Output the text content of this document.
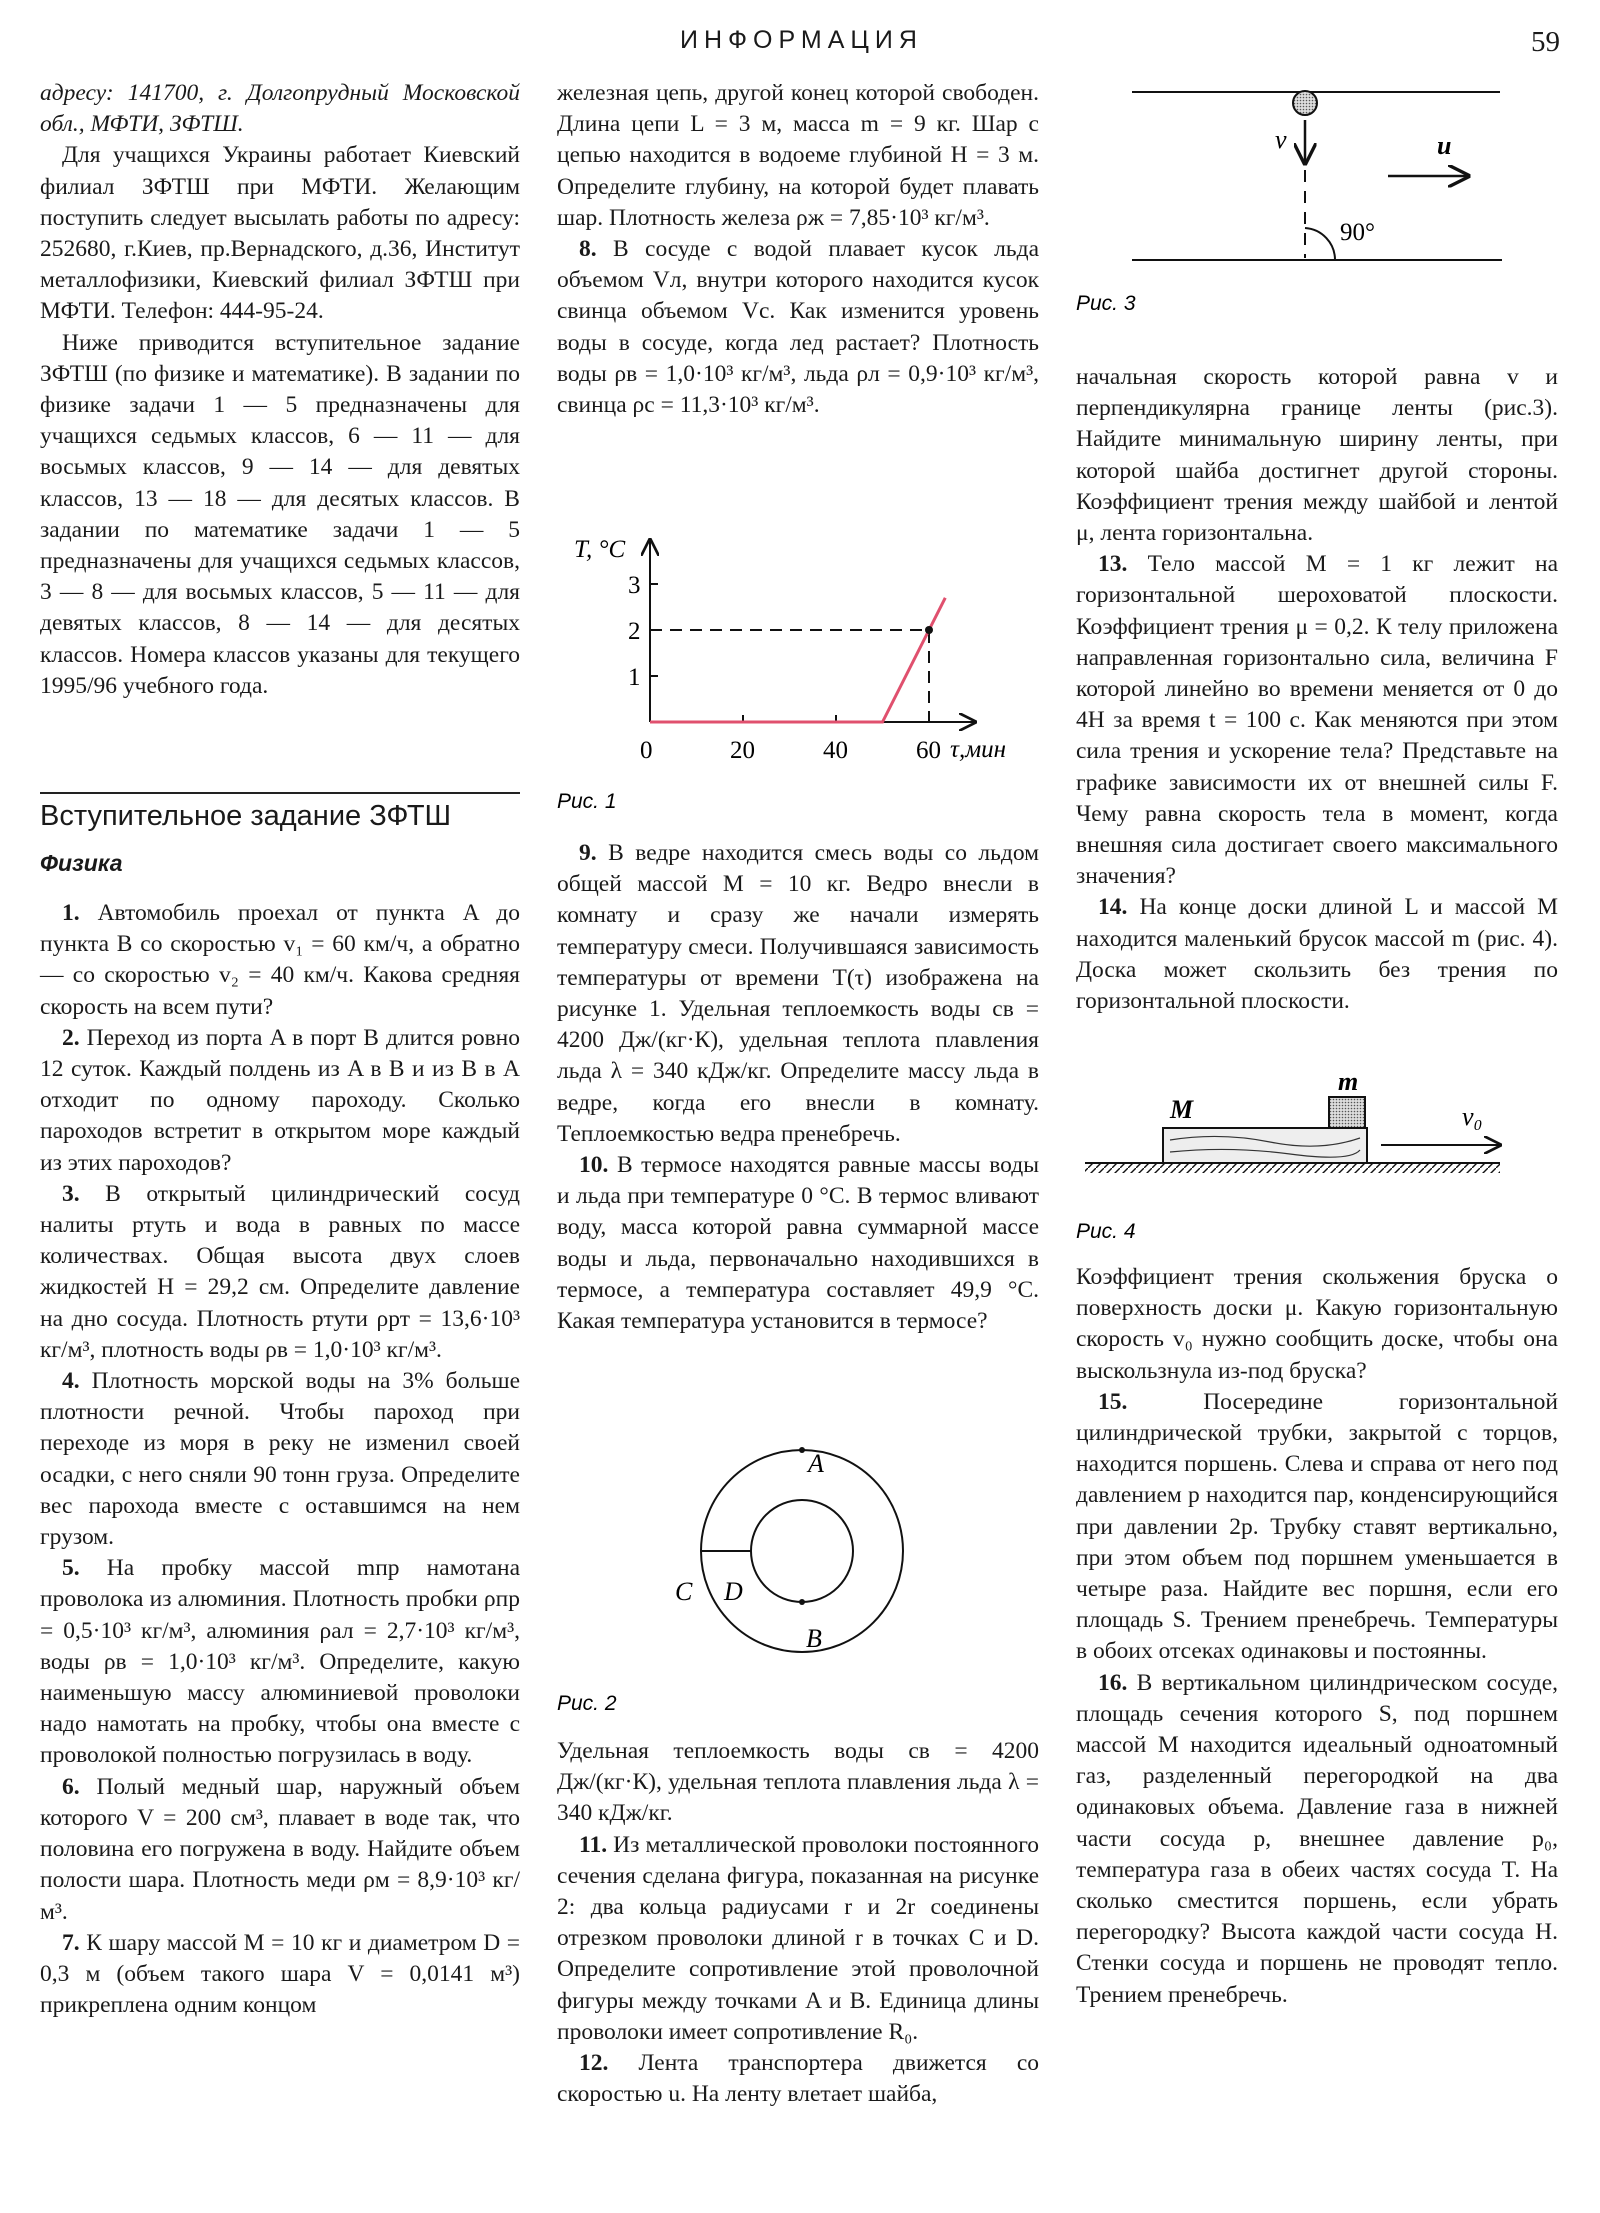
ИНФОРМАЦИЯ	59

адресу: 141700, г. Долгопрудный Московской обл., МФТИ, ЗФТШ.

Для учащихся Украины работает Киевский филиал ЗФТШ при МФТИ. Желающим поступить следует высылать работы по адресу: 252680, г.Киев, пр.Вернадского, д.36, Институт металлофизики, Киевский филиал ЗФТШ при МФТИ. Телефон: 444-95-24.

Ниже приводится вступительное задание ЗФТШ (по физике и математике). В задании по физике задачи 1 — 5 предназначены для учащихся седьмых классов, 6 — 11 — для восьмых классов, 9 — 14 — для девятых классов, 13 — 18 — для десятых классов. В задании по математике задачи 1 — 5 предназначены для учащихся седьмых классов, 3 — 8 — для восьмых классов, 5 — 11 — для девятых классов, 8 — 14 — для десятых классов. Номера классов указаны для текущего 1995/96 учебного года.

Вступительное задание ЗФТШ
Физика

1. Автомобиль проехал от пункта A до пункта B со скоростью v₁ = 60 км/ч, а обратно — со скоростью v₂ = 40 км/ч. Какова средняя скорость на всем пути?

2. Переход из порта A в порт B длится ровно 12 суток. Каждый полдень из A в B и из B в A отходит по одному пароходу. Сколько пароходов встретит в открытом море каждый из этих пароходов?

3. В открытый цилиндрический сосуд налиты ртуть и вода в равных по массе количествах. Общая высота двух слоев жидкостей H = 29,2 см. Определите давление на дно сосуда. Плотность ртути ρрт = 13,6·10³ кг/м³, плотность воды ρв = 1,0·10³ кг/м³.

4. Плотность морской воды на 3% больше плотности речной. Чтобы пароход при переходе из моря в реку не изменил своей осадки, с него сняли 90 тонн груза. Определите вес парохода вместе с оставшимся на нем грузом.

5. На пробку массой mпр намотана проволока из алюминия. Плотность пробки ρпр = 0,5·10³ кг/м³, алюминия ρал = 2,7·10³ кг/м³, воды ρв = 1,0·10³ кг/м³. Определите, какую наименьшую массу алюминиевой проволоки надо намотать на пробку, чтобы она вместе с проволокой полностью погрузилась в воду.

6. Полый медный шар, наружный объем которого V = 200 см³, плавает в воде так, что половина его погружена в воду. Найдите объем полости шара. Плотность меди ρм = 8,9·10³ кг/м³.

7. К шару массой M = 10 кг и диаметром D = 0,3 м (объем такого шара V = 0,0141 м³) прикреплена одним концом

железная цепь, другой конец которой свободен. Длина цепи L = 3 м, масса m = 9 кг. Шар с цепью находится в водоеме глубиной H = 3 м. Определите глубину, на которой будет плавать шар. Плотность железа ρж = 7,85·10³ кг/м³.

8. В сосуде с водой плавает кусок льда объемом Vл, внутри которого находится кусок свинца объемом Vс. Как изменится уровень воды в сосуде, когда лед растает? Плотность воды ρв = 1,0·10³ кг/м³, льда ρл = 0,9·10³ кг/м³, свинца ρс = 11,3·10³ кг/м³.

9. В ведре находится смесь воды со льдом общей массой M = 10 кг. Ведро внесли в комнату и сразу же начали измерять температуру смеси. Получившаяся зависимость температуры от времени T(τ) изображена на рисунке 1. Удельная теплоемкость воды cв = 4200 Дж/(кг·К), удельная теплота плавления льда λ = 340 кДж/кг. Определите массу льда в ведре, когда его внесли в комнату. Теплоемкостью ведра пренебречь.

10. В термосе находятся равные массы воды и льда при температуре 0 °С. В термос вливают воду, масса которой равна суммарной массе воды и льда, первоначально находившихся в термосе, а температура составляет 49,9 °С. Какая температура установится в термосе?

Удельная теплоемкость воды cв = 4200 Дж/(кг·К), удельная теплота плавления льда λ = 340 кДж/кг.

11. Из металлической проволоки постоянного сечения сделана фигура, показанная на рисунке 2: два кольца радиусами r и 2r соединены отрезком проволоки длиной r в точках C и D. Определите сопротивление этой проволочной фигуры между точками A и B. Единица длины проволоки имеет сопротивление R₀.

12. Лента транспортера движется со скоростью u. На ленту влетает шайба,

начальная скорость которой равна v и перпендикулярна границе ленты (рис.3). Найдите минимальную ширину ленты, при которой шайба достигнет другой стороны. Коэффициент трения между шайбой и лентой μ, лента горизонтальна.

13. Тело массой M = 1 кг лежит на горизонтальной шероховатой плоскости. Коэффициент трения μ = 0,2. К телу приложена направленная горизонтально сила, величина F которой линейно во времени меняется от 0 до 4Н за время t = 100 с. Как меняются при этом сила трения и ускорение тела? Представьте на графике зависимости их от внешней силы F. Чему равна скорость тела в момент, когда внешняя сила достигает своего максимального значения?

14. На конце доски длиной L и массой M находится маленький брусок массой m (рис. 4). Доска может скользить без трения по горизонтальной плоскости.

Коэффициент трения скольжения бруска о поверхность доски μ. Какую горизонтальную скорость v₀ нужно сообщить доске, чтобы она выскользнула из-под бруска?

15.	Посередине горизонтальной цилиндрической трубки, закрытой с торцов, находится поршень. Слева и справа от него под давлением p находится пар, конденсирующийся при давлении 2p. Трубку ставят вертикально, при этом объем под поршнем уменьшается в четыре раза. Найдите вес поршня, если его площадь S. Трением пренебречь. Температуры в обоих отсеках одинаковы и постоянны.

16. В вертикальном цилиндрическом сосуде, площадь сечения которого S, под поршнем массой M находится идеальный одноатомный газ, разделенный перегородкой на два одинаковых объема. Давление газа в нижней части сосуда p, внешнее давление p₀, температура газа в обеих частях сосуда T. На сколько сместится поршень, если убрать перегородку? Высота каждой части сосуда H. Стенки сосуда и поршень не проводят тепло. Трением пренебречь.

T, °C
τ,мин
0	20	40	60
1
2
3
Рис. 1
A
B
C D
Рис. 2
v	u
90°
Рис. 3
M
m
v₀
Рис. 4
